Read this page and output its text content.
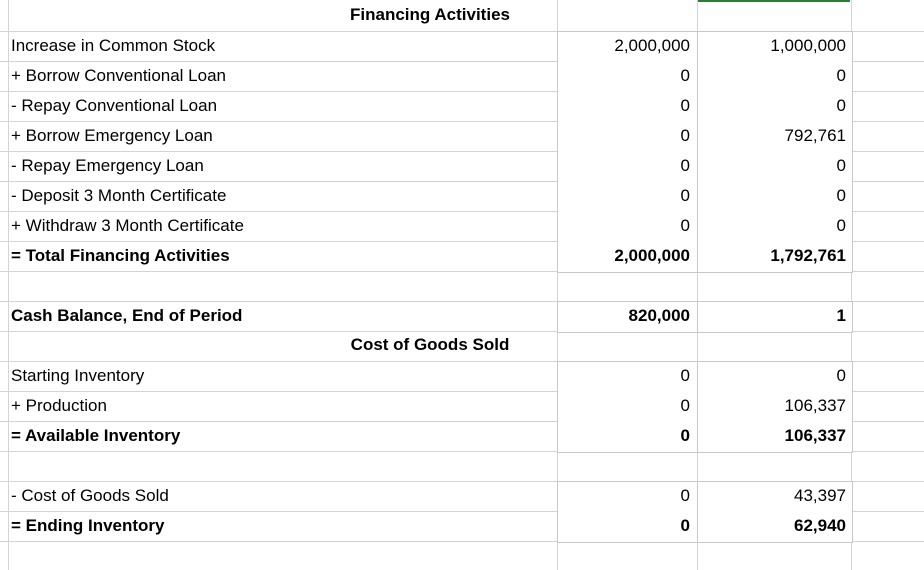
Financing Activities
Increase in Common Stock	2,000,000	1,000,000
+ Borrow Conventional Loan	0	0
- Repay Conventional Loan	0	0
+ Borrow Emergency Loan	0	792,761
- Repay Emergency Loan	0	0
- Deposit 3 Month Certificate	0	0
+ Withdraw 3 Month Certificate	0	0
= Total Financing Activities	2,000,000	1,792,761
Cash Balance, End of Period	820,000	1
Cost of Goods Sold
Starting Inventory	0	0
+ Production	0	106,337
= Available Inventory	0	106,337
- Cost of Goods Sold	0	43,397
= Ending Inventory	0	62,940
